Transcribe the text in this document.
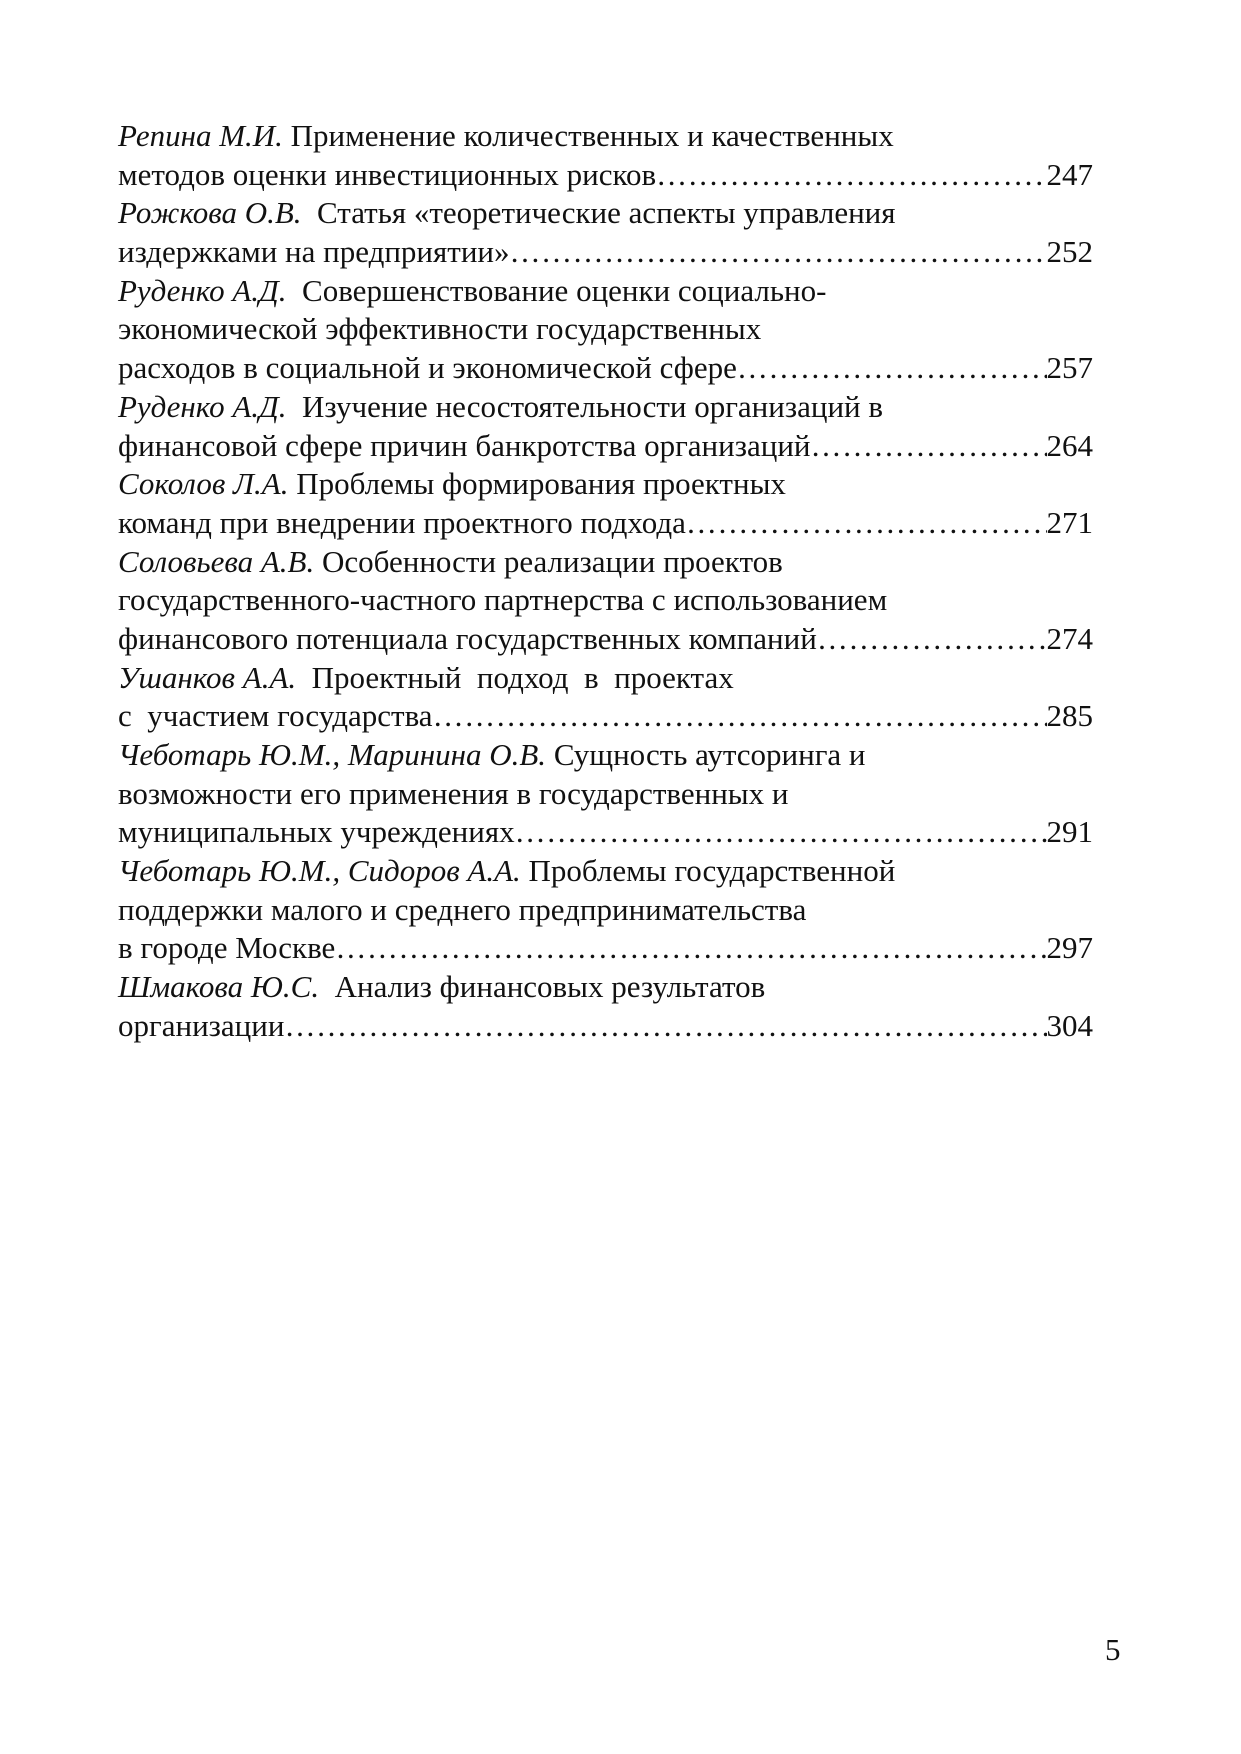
Репина М.И. Применение количественных и качественных
методов оценки инвестиционных рисков …………………………………………………………………………………………………………………………………………………………………………	247
Рожкова О.В.  Статья «теоретические аспекты управления
издержками на предприятии» …………………………………………………………………………………………………………………………………………………………………………	252
Руденко А.Д.  Совершенствование оценки социально-
экономической эффективности государственных
расходов в социальной и экономической сфере …………………………………………………………………………………………………………………………………………………………………………	257
Руденко А.Д.  Изучение несостоятельности организаций в
финансовой сфере причин банкротства организаций …………………………………………………………………………………………………………………………………………………………………………	264
Соколов Л.А. Проблемы формирования проектных
команд при внедрении проектного подхода …………………………………………………………………………………………………………………………………………………………………………	271
Соловьева А.В. Особенности реализации проектов
государственного-частного партнерства с использованием
финансового потенциала государственных компаний …………………………………………………………………………………………………………………………………………………………………………	274
Ушанков А.А.  Проектный  подход  в  проектах
с  участием государства …………………………………………………………………………………………………………………………………………………………………………	285
Чеботарь Ю.М., Маринина О.В. Сущность аутсоринга и
возможности его применения в государственных и
муниципальных учреждениях …………………………………………………………………………………………………………………………………………………………………………	291
Чеботарь Ю.М., Сидоров А.А. Проблемы государственной
поддержки малого и среднего предпринимательства
в городе Москве …………………………………………………………………………………………………………………………………………………………………………	297
Шмакова Ю.С.  Анализ финансовых результатов
организации …………………………………………………………………………………………………………………………………………………………………………	304
5
